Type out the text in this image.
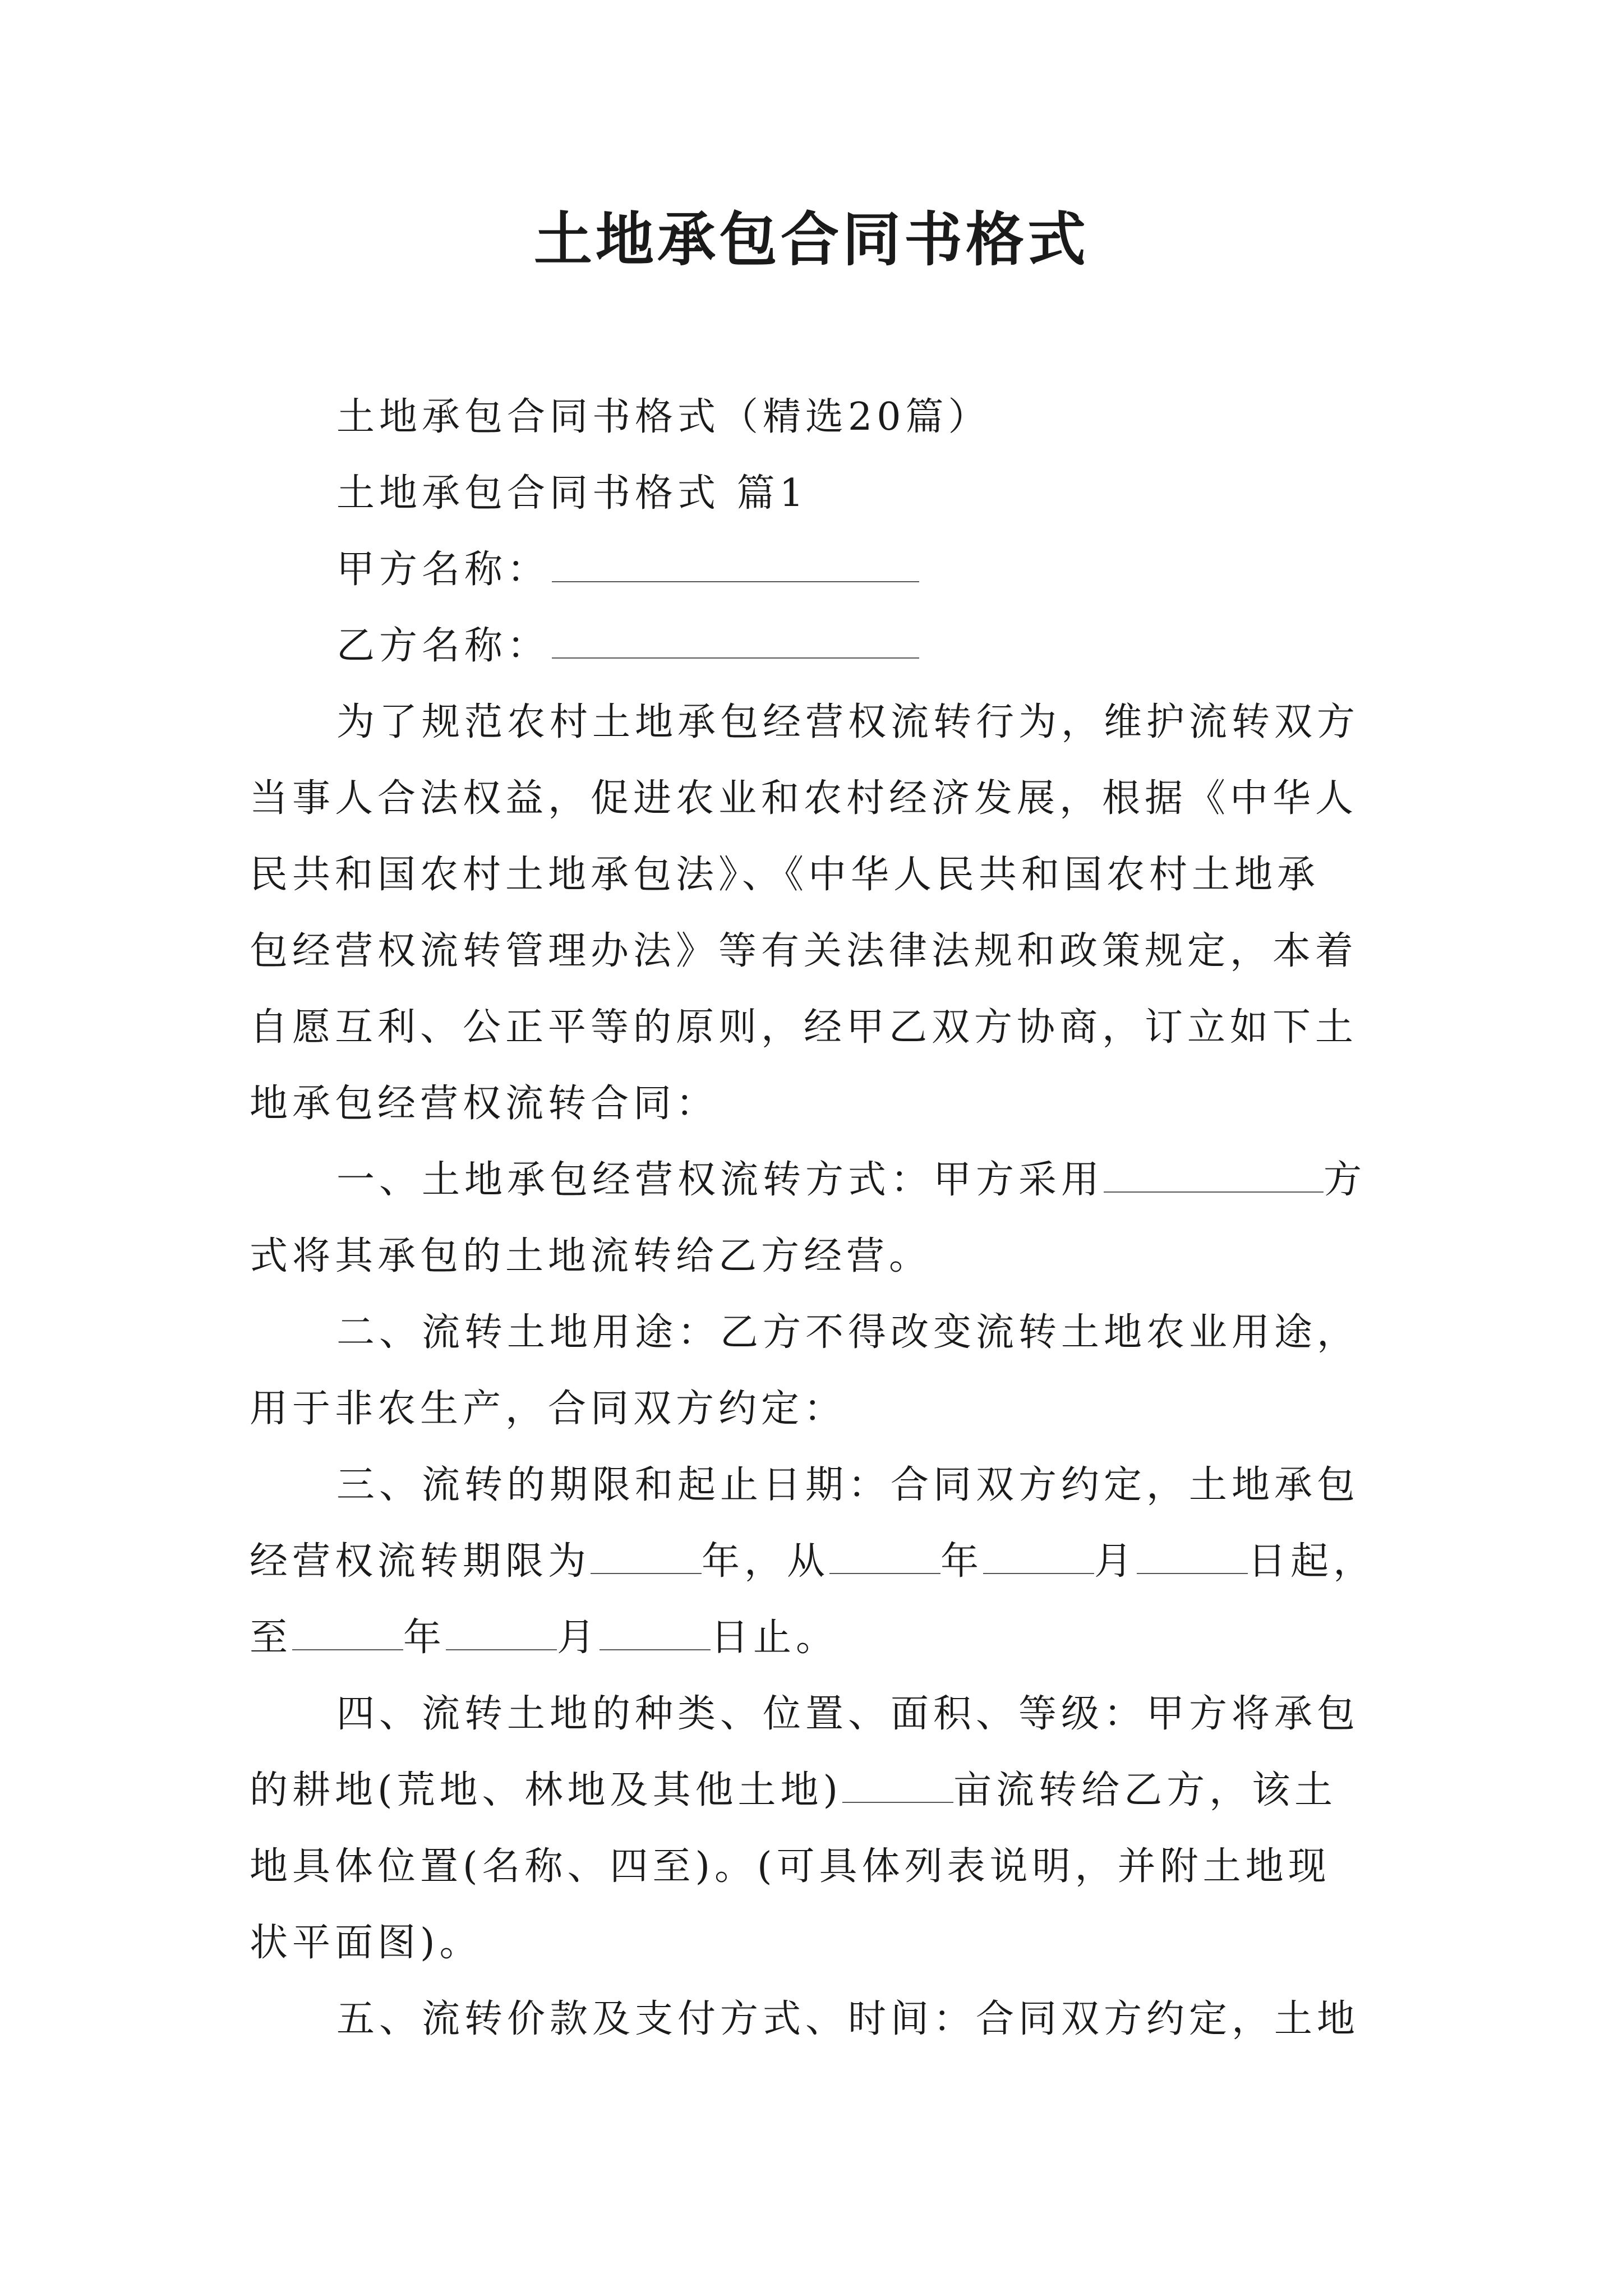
土地承包合同书格式
土地承包合同书格式（精选20篇）
土地承包合同书格式 篇1
甲方名称：
乙方名称：
为了规范农村土地承包经营权流转行为，维护流转双方
当事人合法权益，促进农业和农村经济发展，根据《中华人
民共和国农村土地承包法》、《中华人民共和国农村土地承
包经营权流转管理办法》等有关法律法规和政策规定，本着
自愿互利、公正平等的原则，经甲乙双方协商，订立如下土
地承包经营权流转合同：
一、土地承包经营权流转方式：甲方采用	方
式将其承包的土地流转给乙方经营。
二、流转土地用途：乙方不得改变流转土地农业用途，
用于非农生产，合同双方约定：
三、流转的期限和起止日期：合同双方约定，土地承包
经营权流转期限为	年，从	年	月	日起，
至	年	月	日止。
四、流转土地的种类、位置、面积、等级：甲方将承包
的耕地(荒地、林地及其他土地)	亩流转给乙方，该土
地具体位置(名称、四至)。(可具体列表说明，并附土地现
状平面图)。
五、流转价款及支付方式、时间：合同双方约定，土地
